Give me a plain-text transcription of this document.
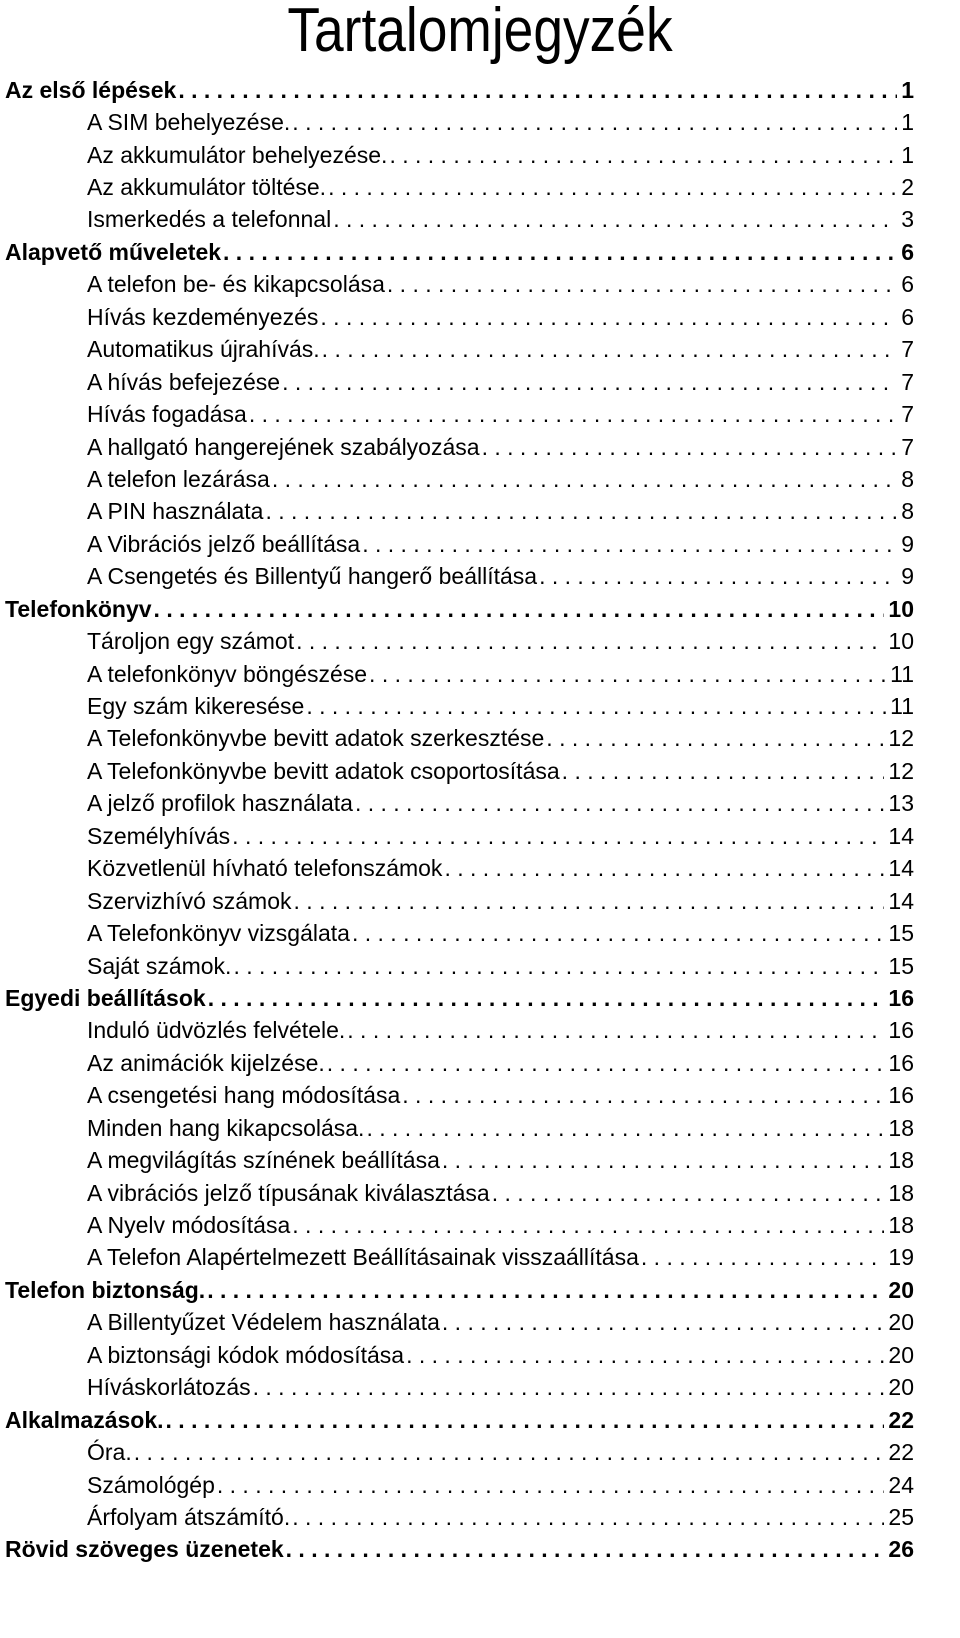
Tartalomjegyzék
Az első lépések . . .	1
A SIM behelyezése. . . .	1
Az akkumulátor behelyezése. . . .	1
Az akkumulátor töltése. . . .	2
Ismerkedés a telefonnal . . .	3
Alapvető műveletek . . .	6
A telefon be- és kikapcsolása . . .	6
Hívás kezdeményezés . . .	6
Automatikus újrahívás. . . .	7
A hívás befejezése . . .	7
Hívás fogadása . . .	7
A hallgató hangerejének szabályozása . . .	7
A telefon lezárása . . .	8
A PIN használata . . .	8
A Vibrációs jelző beállítása . . .	9
A Csengetés és Billentyű hangerő beállítása . . .	9
Telefonkönyv . . .	10
Tároljon egy számot . . .	10
A telefonkönyv böngészése . . .	11
Egy szám kikeresése . . .	11
A Telefonkönyvbe bevitt adatok szerkesztése . . .	12
A Telefonkönyvbe bevitt adatok csoportosítása . . .	12
A jelző profilok használata . . .	13
Személyhívás . . .	14
Közvetlenül hívható telefonszámok . . .	14
Szervizhívó számok . . .	14
A Telefonkönyv vizsgálata . . .	15
Saját számok. . . .	15
Egyedi beállítások . . .	16
Induló üdvözlés felvétele. . . .	16
Az animációk kijelzése. . . .	16
A csengetési hang módosítása . . .	16
Minden hang kikapcsolása. . . .	18
A megvilágítás színének beállítása . . .	18
A vibrációs jelző típusának kiválasztása . . .	18
A Nyelv módosítása . . .	18
A Telefon Alapértelmezett Beállításainak visszaállítása . . .	19
Telefon biztonság. . . .	20
A Billentyűzet Védelem használata . . .	20
A biztonsági kódok módosítása . . .	20
Híváskorlátozás . . .	20
Alkalmazások. . . .	22
Óra. . . .	22
Számológép . . .	24
Árfolyam átszámító. . . .	25
Rövid szöveges üzenetek . . .	26
